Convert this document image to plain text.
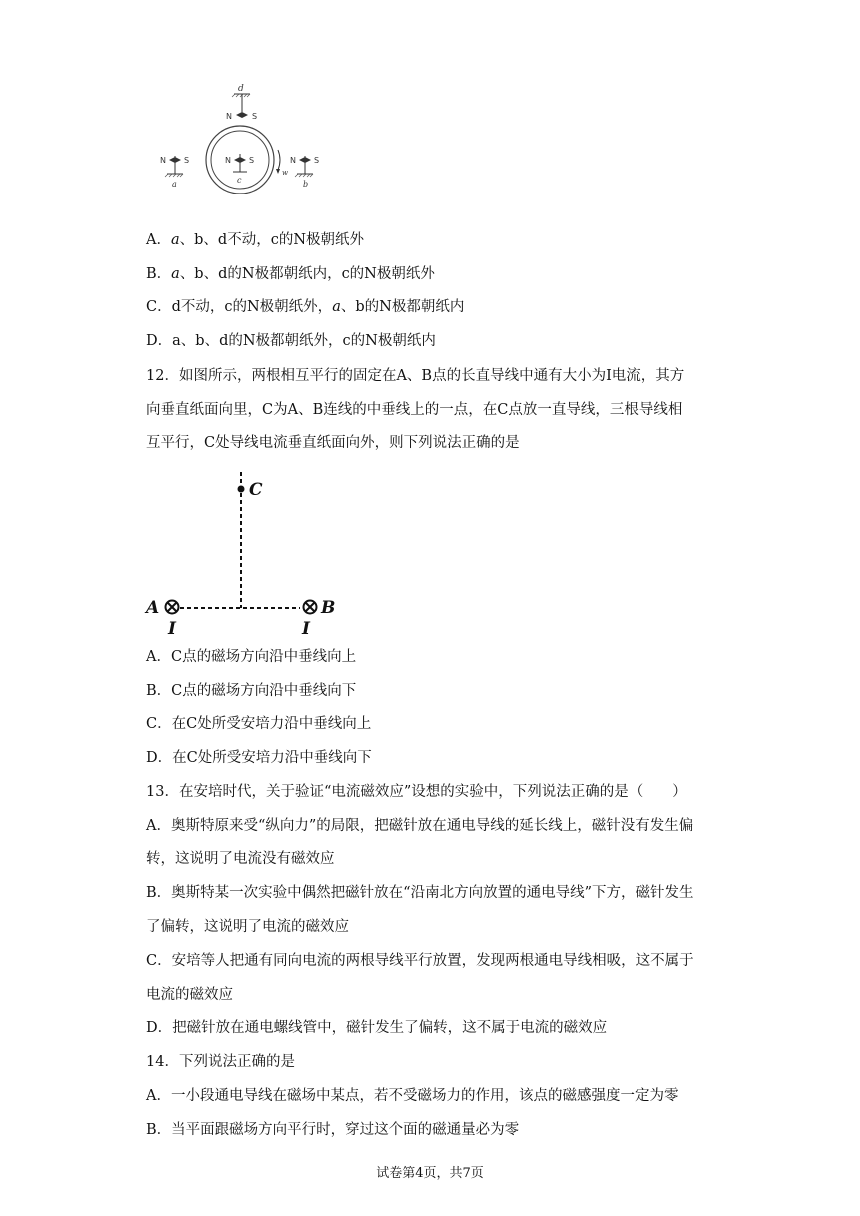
d
N	S
N S
c
N S
a
w
N S
b
A．a、b、d不动，c的N极朝纸外
B．a、b、d的N极都朝纸内，c的N极朝纸外
C．d不动，c的N极朝纸外，a、b的N极都朝纸内
D．a、b、d的N极都朝纸外，c的N极朝纸内
12．如图所示，两根相互平行的固定在A、B点的长直导线中通有大小为I电流，其方
向垂直纸面向里，C为A、B连线的中垂线上的一点，在C点放一直导线，三根导线相
互平行，C处导线电流垂直纸面向外，则下列说法正确的是
C
A
I
B
I
A．C点的磁场方向沿中垂线向上
B．C点的磁场方向沿中垂线向下
C．在C处所受安培力沿中垂线向上
D．在C处所受安培力沿中垂线向下
13．在安培时代，关于验证“电流磁效应”设想的实验中，下列说法正确的是（　　）
A．奥斯特原来受“纵向力”的局限，把磁针放在通电导线的延长线上，磁针没有发生偏
转，这说明了电流没有磁效应
B．奥斯特某一次实验中偶然把磁针放在“沿南北方向放置的通电导线”下方，磁针发生
了偏转，这说明了电流的磁效应
C．安培等人把通有同向电流的两根导线平行放置，发现两根通电导线相吸，这不属于
电流的磁效应
D．把磁针放在通电螺线管中，磁针发生了偏转，这不属于电流的磁效应
14．下列说法正确的是
A．一小段通电导线在磁场中某点，若不受磁场力的作用，该点的磁感强度一定为零
B．当平面跟磁场方向平行时，穿过这个面的磁通量必为零
试卷第4页，共7页
